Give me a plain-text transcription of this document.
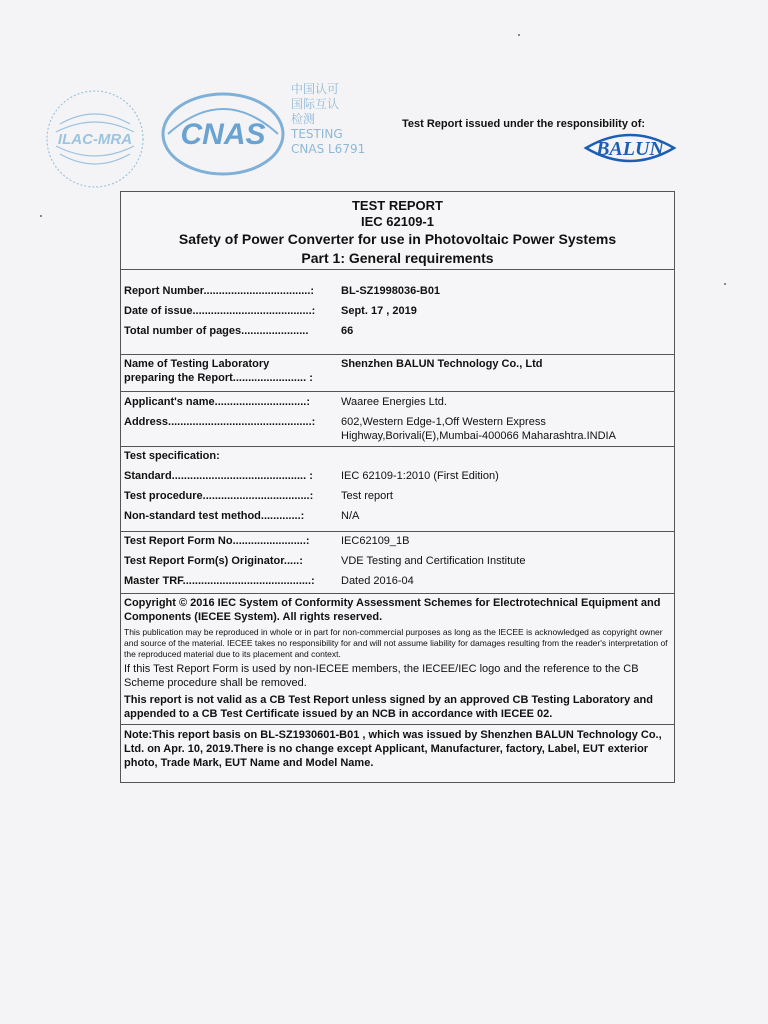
ILAC-MRA CNAS
中国认可
国际互认
检测
TESTING
CNAS L6791
Test Report issued under the responsibility of:
BALUN
TEST REPORT
IEC 62109-1
Safety of Power Converter for use in Photovoltaic Power Systems
Part 1: General requirements
Report Number...................................:	BL-SZ1998036-B01
Date of issue.......................................:	Sept. 17 , 2019
Total number of pages......................	66
Name of Testing Laboratory
preparing the Report........................ :
Shenzhen BALUN Technology Co., Ltd
Applicant's name..............................:	Waaree Energies Ltd.
Address...............................................:	602,Western Edge-1,Off Western Express
Highway,Borivali(E),Mumbai-400066 Maharashtra.INDIA
Test specification:
Standard............................................ :	IEC 62109-1:2010 (First Edition)
Test procedure...................................:	Test report
Non-standard test method.............:	N/A
Test Report Form No........................:	IEC62109_1B
Test Report Form(s) Originator.....:	VDE Testing and Certification Institute
Master TRF..........................................:	Dated 2016-04
Copyright © 2016 IEC System of Conformity Assessment Schemes for Electrotechnical Equipment and Components (IECEE System). All rights reserved.
This publication may be reproduced in whole or in part for non-commercial purposes as long as the IECEE is acknowledged as copyright owner and source of the material. IECEE takes no responsibility for and will not assume liability for damages resulting from the reader's interpretation of the reproduced material due to its placement and context.
If this Test Report Form is used by non-IECEE members, the IECEE/IEC logo and the reference to the CB Scheme procedure shall be removed.
This report is not valid as a CB Test Report unless signed by an approved CB Testing Laboratory and appended to a CB Test Certificate issued by an NCB in accordance with IECEE 02.
Note:This report basis on BL-SZ1930601-B01 , which was issued by Shenzhen BALUN Technology Co., Ltd. on Apr. 10, 2019.There is no change except Applicant, Manufacturer, factory, Label, EUT exterior photo, Trade Mark, EUT Name and Model Name.
